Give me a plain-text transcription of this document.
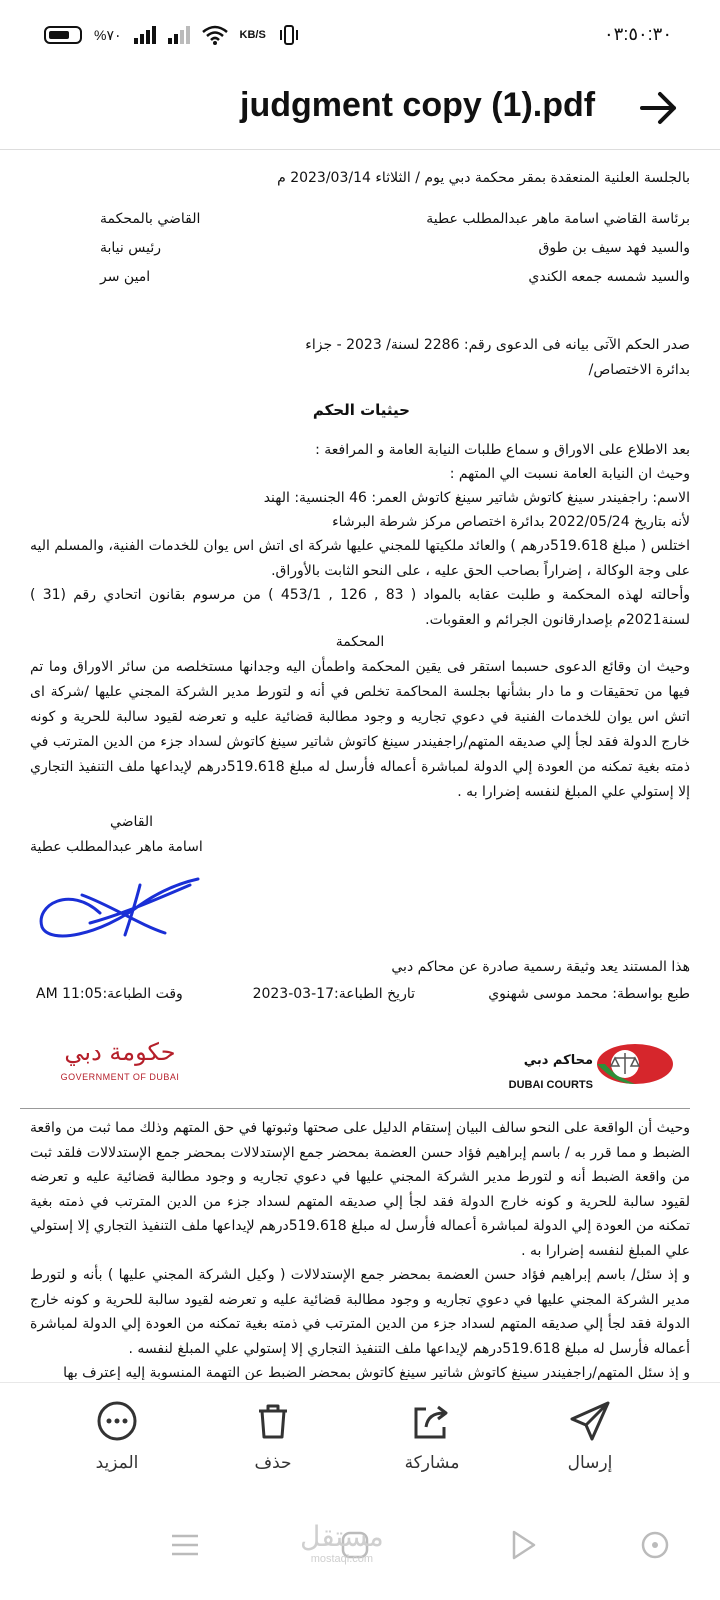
%٧٠	KB/S	٠٣:٥٠:٣٠
judgment copy (1).pdf
بالجلسة العلنية المنعقدة بمقر محكمة دبي يوم / الثلاثاء 2023/03/14 م
برئاسة القاضي اسامة ماهر عبدالمطلب عطية
القاضي بالمحكمة
والسيد فهد سيف بن طوق
رئيس نيابة
والسيد شمسه جمعه الكندي
امين سر
صدر الحكم الآتى بيانه فى الدعوى رقم: 2286 لسنة/ 2023 - جزاء
بدائرة الاختصاص/
حيثيات الحكم
بعد الاطلاع على الاوراق و سماع طلبات النيابة العامة و المرافعة :
وحيث ان النيابة العامة نسبت الي المتهم :
الاسم: راجفيندر سينغ كاتوش شاتير سينغ كاتوش العمر: 46 الجنسية: الهند
لأنه بتاريخ 2022/05/24 بدائرة اختصاص مركز شرطة البرشاء
اختلس ( مبلغ 519.618درهم ) والعائد ملكيتها للمجني عليها شركة اى اتش اس يوان للخدمات الفنية، والمسلم اليه على وجة الوكالة ، إضراراً بصاحب الحق عليه ، على النحو الثابت بالأوراق.
وأحالته لهذه المحكمة و طلبت عقابه بالمواد ( 83 , 126 , 453/1 ) من مرسوم بقانون اتحادي رقم (31 ) لسنة2021م بإصدارقانون الجرائم و العقوبات.
المحكمة
وحيث ان وقائع الدعوى حسبما استقر فى يقين المحكمة واطمأن اليه وجدانها مستخلصه من سائر الاوراق وما تم فيها من تحقيقات و ما دار بشأنها بجلسة المحاكمة تخلص في أنه و لتورط مدير الشركة المجني عليها /شركة اى اتش اس يوان للخدمات الفنية في دعوي تجاريه و وجود مطالبة قضائية عليه و تعرضه لقيود سالبة للحرية و كونه خارج الدولة فقد لجأ إلي صديقه المتهم/راجفيندر سينغ كاتوش شاتير سينغ كاتوش لسداد جزء من الدين المترتب في ذمته بغية تمكنه من العودة إلي الدولة لمباشرة أعماله فأرسل له مبلغ 519.618درهم لإيداعها ملف التنفيذ التجاري إلا إستولي علي المبلغ لنفسه إضرارا به .
القاضي
اسامة ماهر عبدالمطلب عطية
هذا المستند يعد وثيقة رسمية صادرة عن محاكم دبي
طبع بواسطة: محمد موسى شهنوي
تاريخ الطباعة:17-03-2023
وقت الطباعة:AM 11:05
حكومة دبي
GOVERNMENT OF DUBAI
محاكم دبي
DUBAI COURTS
وحيث أن الواقعة على النحو سالف البيان إستقام الدليل على صحتها وثبوتها في حق المتهم وذلك مما ثبت من واقعة الضبط و مما قرر به / باسم إبراهيم فؤاد حسن العضمة بمحضر جمع الإستدلالات بمحضر جمع الإستدلالات فلقد ثبت من واقعة الضبط أنه و لتورط مدير الشركة المجني عليها في دعوي تجاريه و وجود مطالبة قضائية عليه و تعرضه لقيود سالبة للحرية و كونه خارج الدولة فقد لجأ إلي صديقه المتهم لسداد جزء من الدين المترتب في ذمته بغية تمكنه من العودة إلي الدولة لمباشرة أعماله فأرسل له مبلغ 519.618درهم لإيداعها ملف التنفيذ التجاري إلا إستولي علي المبلغ لنفسه إضرارا به .
و إذ سئل/ باسم إبراهيم فؤاد حسن العضمة بمحضر جمع الإستدلالات ( وكيل الشركة المجني عليها ) بأنه و لتورط مدير الشركة المجني عليها في دعوي تجاريه و وجود مطالبة قضائية عليه و تعرضه لقيود سالبة للحرية و كونه خارج الدولة فقد لجأ إلي صديقه المتهم لسداد جزء من الدين المترتب في ذمته بغية تمكنه من العودة إلي الدولة لمباشرة أعماله فأرسل له مبلغ 519.618درهم لإيداعها ملف التنفيذ التجاري إلا إستولي علي المبلغ لنفسه .
و إذ سئل المتهم/راجفيندر سينغ كاتوش شاتير سينغ كاتوش بمحضر الضبط عن التهمة المنسوبة إليه إعترف بها
إرسال
مشاركة
حذف
المزيد
مستقل
mostaql.com
